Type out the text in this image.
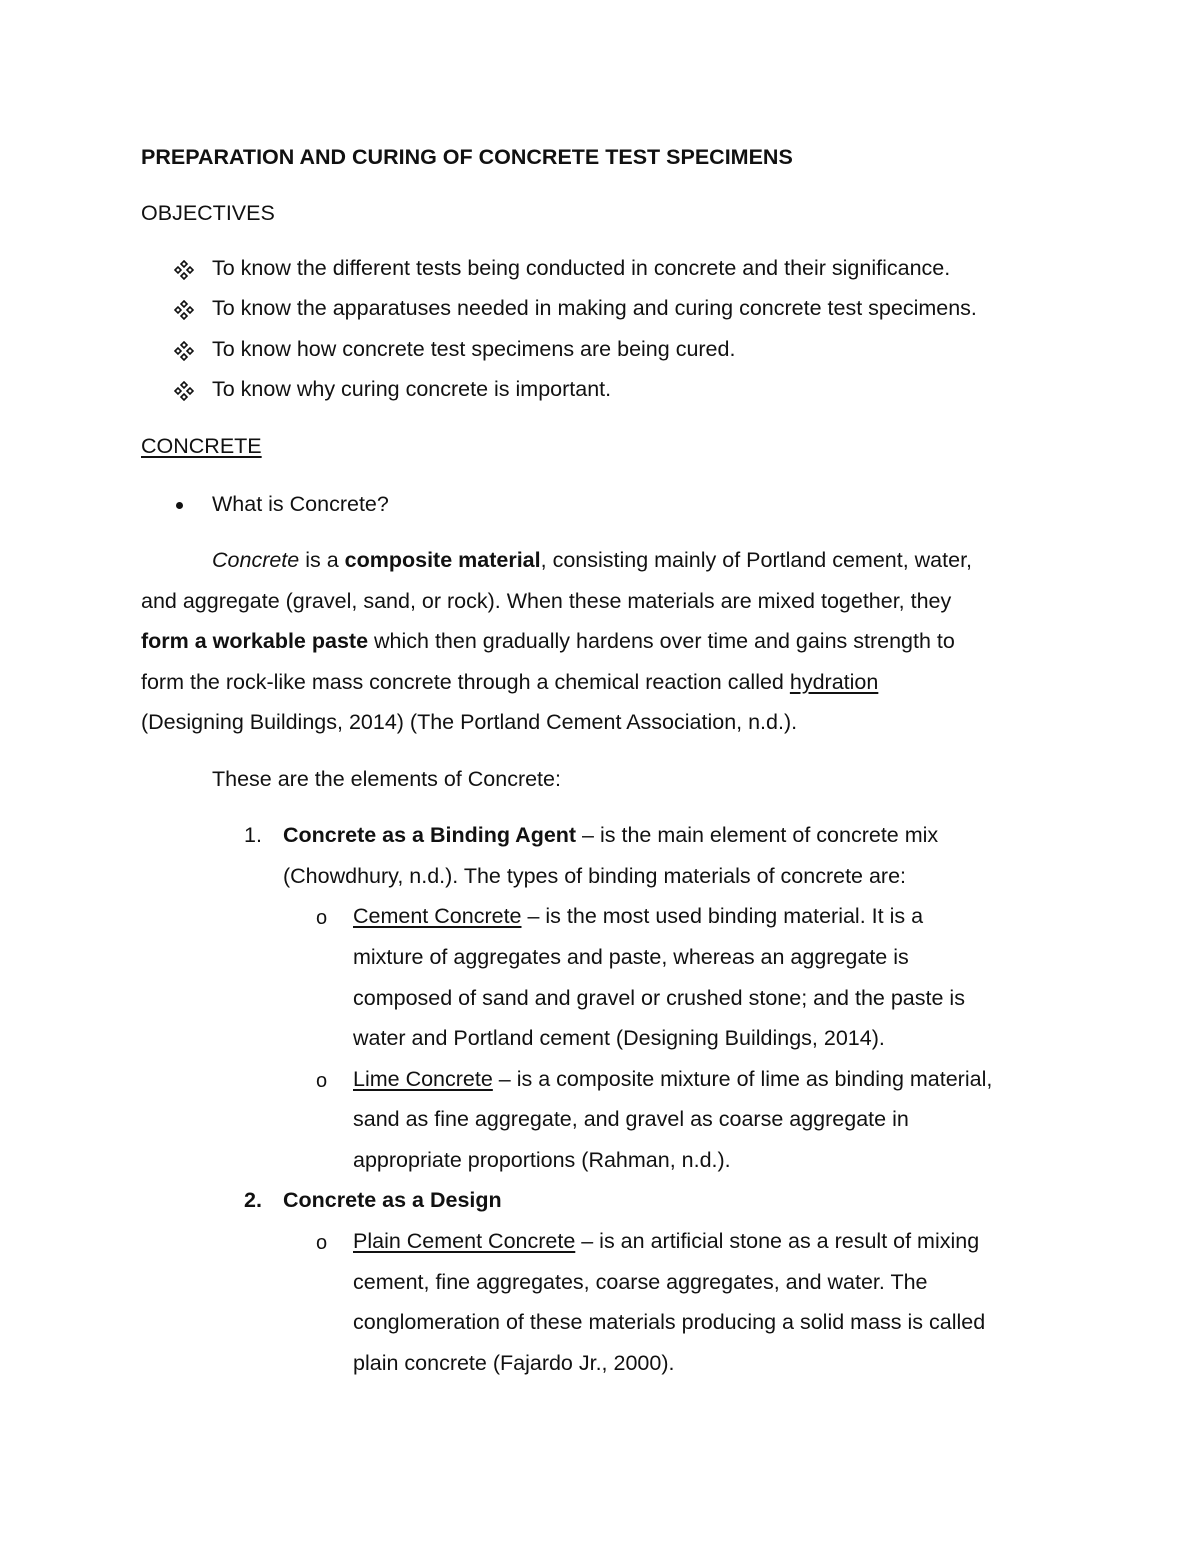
PREPARATION AND CURING OF CONCRETE TEST SPECIMENS
OBJECTIVES
To know the different tests being conducted in concrete and their significance.
To know the apparatuses needed in making and curing concrete test specimens.
To know how concrete test specimens are being cured.
To know why curing concrete is important.
CONCRETE
What is Concrete?
Concrete is a composite material, consisting mainly of Portland cement, water,
and aggregate (gravel, sand, or rock). When these materials are mixed together, they
form a workable paste which then gradually hardens over time and gains strength to
form the rock-like mass concrete through a chemical reaction called hydration
(Designing Buildings, 2014) (The Portland Cement Association, n.d.).
These are the elements of Concrete:
1. Concrete as a Binding Agent – is the main element of concrete mix
(Chowdhury, n.d.). The types of binding materials of concrete are:
o Cement Concrete – is the most used binding material. It is a
mixture of aggregates and paste, whereas an aggregate is
composed of sand and gravel or crushed stone; and the paste is
water and Portland cement (Designing Buildings, 2014).
o Lime Concrete – is a composite mixture of lime as binding material,
sand as fine aggregate, and gravel as coarse aggregate in
appropriate proportions (Rahman, n.d.).
2. Concrete as a Design
o Plain Cement Concrete – is an artificial stone as a result of mixing
cement, fine aggregates, coarse aggregates, and water. The
conglomeration of these materials producing a solid mass is called
plain concrete (Fajardo Jr., 2000).
